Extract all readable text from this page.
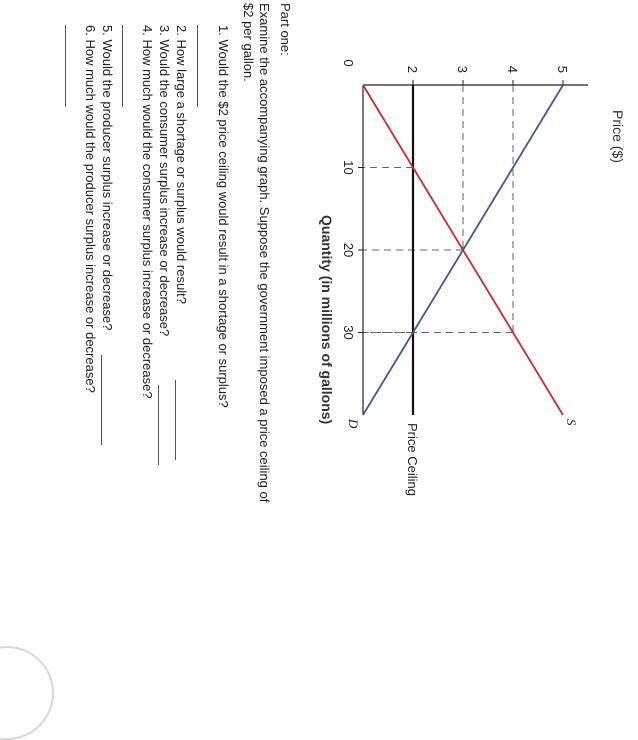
Price Ceiling
S
D
2	3	4	5
0
10
20
30
Price ($)
Quantity (in millions of gallons)
Part one:
Examine the accompanying graph. Suppose the government imposed a price ceiling of
$2 per gallon.
1. Would the $2 price ceiling would result in a shortage or surplus?
2. How large a shortage or surplus would result?
3. Would the consumer surplus increase or decrease?
4. How much would the consumer surplus increase or decrease?
5. Would the producer surplus increase or decrease?
6. How much would the producer surplus increase or decrease?
